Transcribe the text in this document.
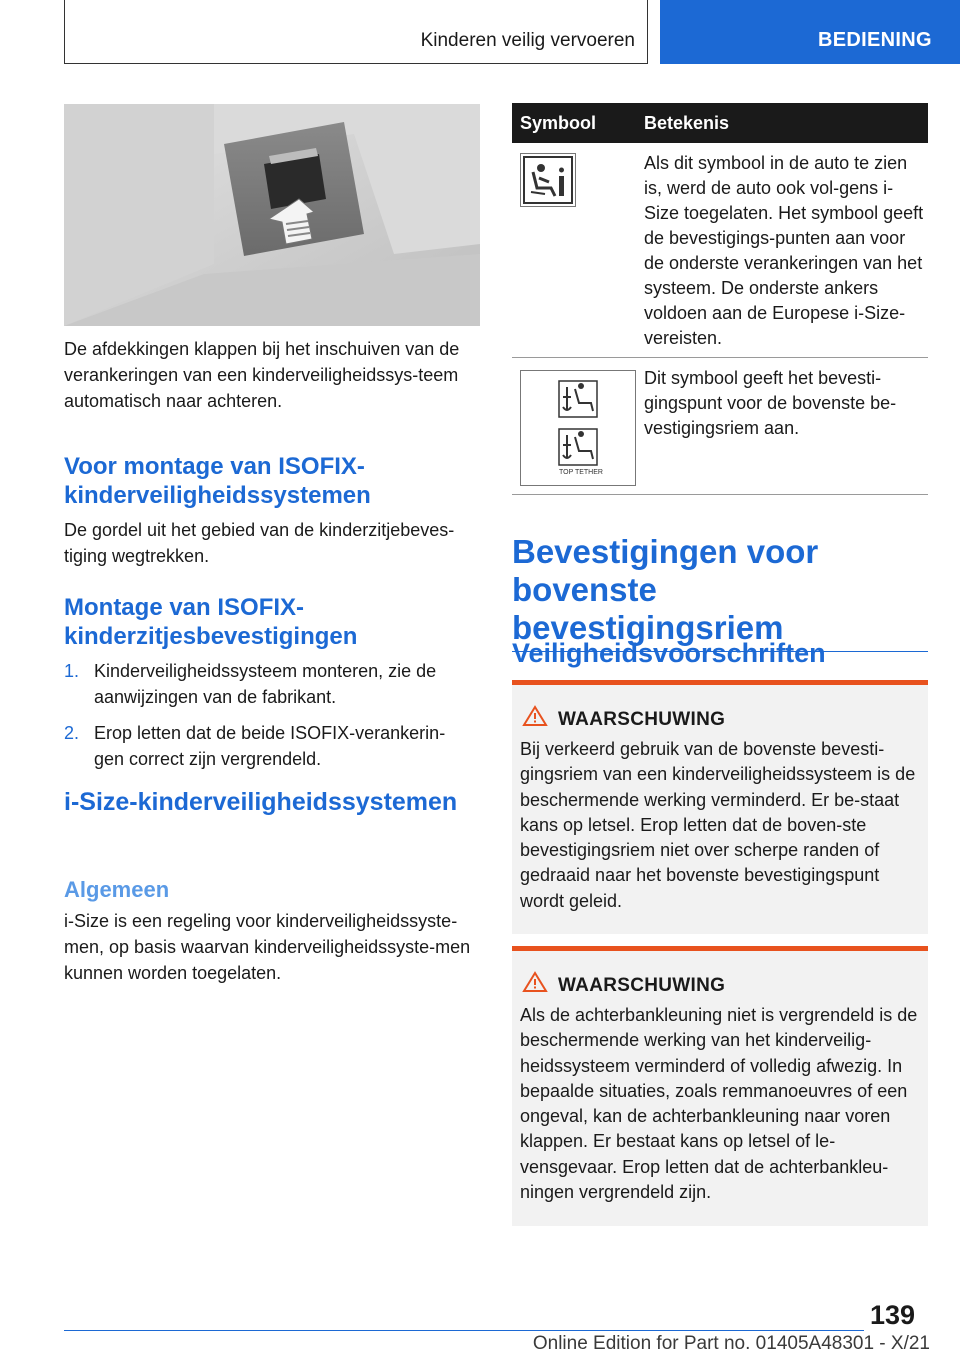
Kinderen veilig vervoeren	BEDIENING

De afdekkingen klappen bij het inschuiven van de verankeringen van een kinderveiligheidssys-teem automatisch naar achteren.

Voor montage van ISOFIX-kinderveiligheidssystemen

De gordel uit het gebied van de kinderzitjebeves-tiging wegtrekken.

Montage van ISOFIX-kinderzitjesbevestigingen
1. Kinderveiligheidssysteem monteren, zie de aanwijzingen van de fabrikant.
2. Erop letten dat de beide ISOFIX-verankerin-gen correct zijn vergrendeld.
i-Size-kinderveiligheidssystemen
Algemeen

i-Size is een regeling voor kinderveiligheidssyste-men, op basis waarvan kinderveiligheidssyste-men kunnen worden toegelaten.

Symbool	Betekenis
Als dit symbool in de auto te zien is, werd de auto ook vol-gens i-Size toegelaten. Het symbool geeft de bevestigings-punten aan voor de onderste verankeringen van het systeem. De onderste ankers voldoen aan de Europese i-Size-vereisten.
TOP TETHER
Dit symbool geeft het bevesti-gingspunt voor de bovenste be-vestigingsriem aan.
Bevestigingen voor bovenste bevestigingsriem
Veiligheidsvoorschriften
WAARSCHUWING
Bij verkeerd gebruik van de bovenste bevesti-gingsriem van een kinderveiligheidssysteem is de beschermende werking verminderd. Er be-staat kans op letsel. Erop letten dat de boven-ste bevestigingsriem niet over scherpe randen of gedraaid naar het bovenste bevestigingspunt wordt geleid.
WAARSCHUWING
Als de achterbankleuning niet is vergrendeld is de beschermende werking van het kinderveilig-heidssysteem verminderd of volledig afwezig. In bepaalde situaties, zoals remmanoeuvres of een ongeval, kan de achterbankleuning naar voren klappen. Er bestaat kans op letsel of le-vensgevaar. Erop letten dat de achterbankleu-ningen vergrendeld zijn.
139
Online Edition for Part no. 01405A48301 - X/21
